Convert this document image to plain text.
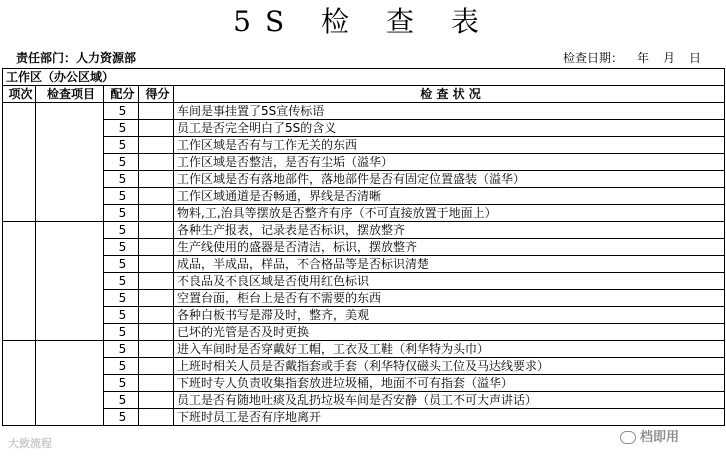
5S 检 查 表
责任部门：人力资源部	检查日期： 年 月 日
工作区（办公区域）				
项次	检查项目	配分	得分	检 查 状 况
		5		车间是事挂置了5S宣传标语
		5		员工是否完全明白了5S的含义
		5		工作区域是否有与工作无关的东西
		5		工作区域是否整洁，是否有尘垢（溢华）
		5		工作区域是否有落地部件，落地部件是否有固定位置盛装（溢华）
		5		工作区域通道是否畅通，界线是否清晰
		5		物料,工,治具等摆放是否整齐有序（不可直接放置于地面上）
		5		各种生产报表，记录表是否标识，摆放整齐
		5		生产线使用的盛器是否清洁，标识，摆放整齐
		5		成品，半成品，样品，不合格品等是否标识清楚
		5		不良品及不良区域是否使用红色标识
		5		空置台面，柜台上是否有不需要的东西
		5		各种白板书写是滞及时，整齐，美观
		5		已坏的光管是否及时更换
		5		进入车间时是否穿戴好工帽，工衣及工鞋（利华特为头巾）
		5		上班时相关人员是否戴指套或手套（利华特仅磁头工位及马达线要求）
		5		下班时专人负责收集指套放进垃圾桶，地面不可有指套（溢华）
		5		员工是否有随地吐痰及乱扔垃圾车间是否安静（员工不可大声讲话）
		5		下班时员工是否有序地离开
大致流程	档即用
